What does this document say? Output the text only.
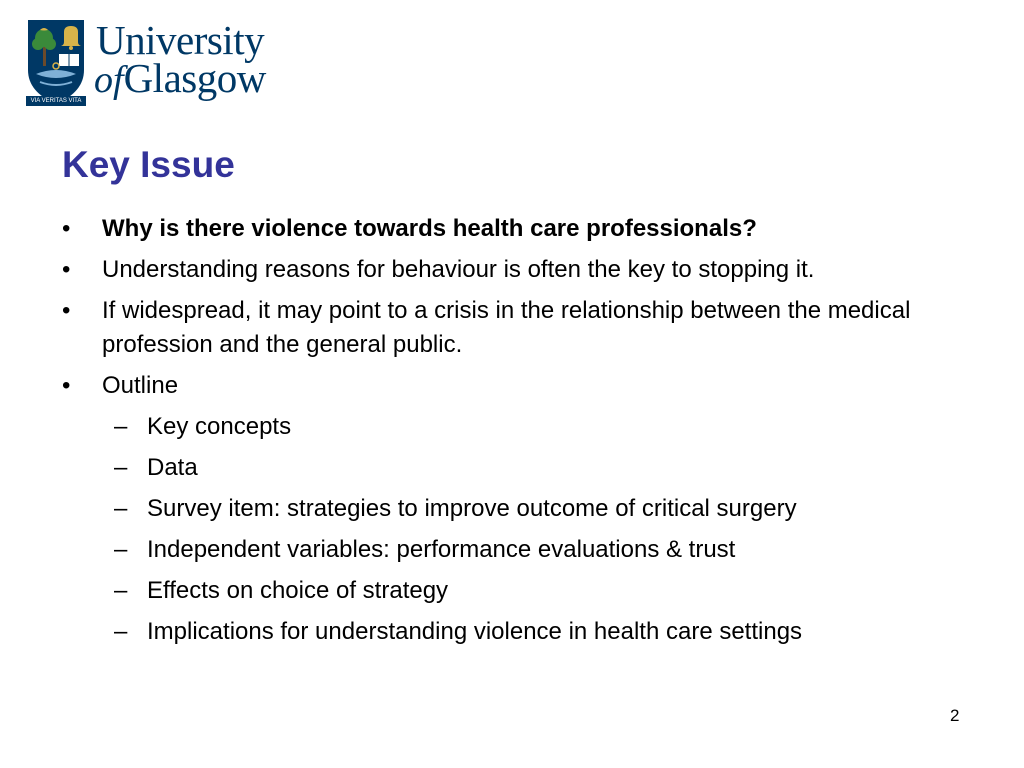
VIA VERITAS VITA
University
ofGlasgow
Key Issue
•	Why is there violence towards health care professionals?
•	Understanding reasons for behaviour is often the key to stopping it.
•	If widespread, it may point to a crisis in the relationship between the medical profession and the general public.
•	Outline
– Key concepts
– Data
– Survey item: strategies to improve outcome of critical surgery
– Independent variables: performance evaluations & trust
– Effects on choice of strategy
– Implications for understanding violence in health care settings
2
